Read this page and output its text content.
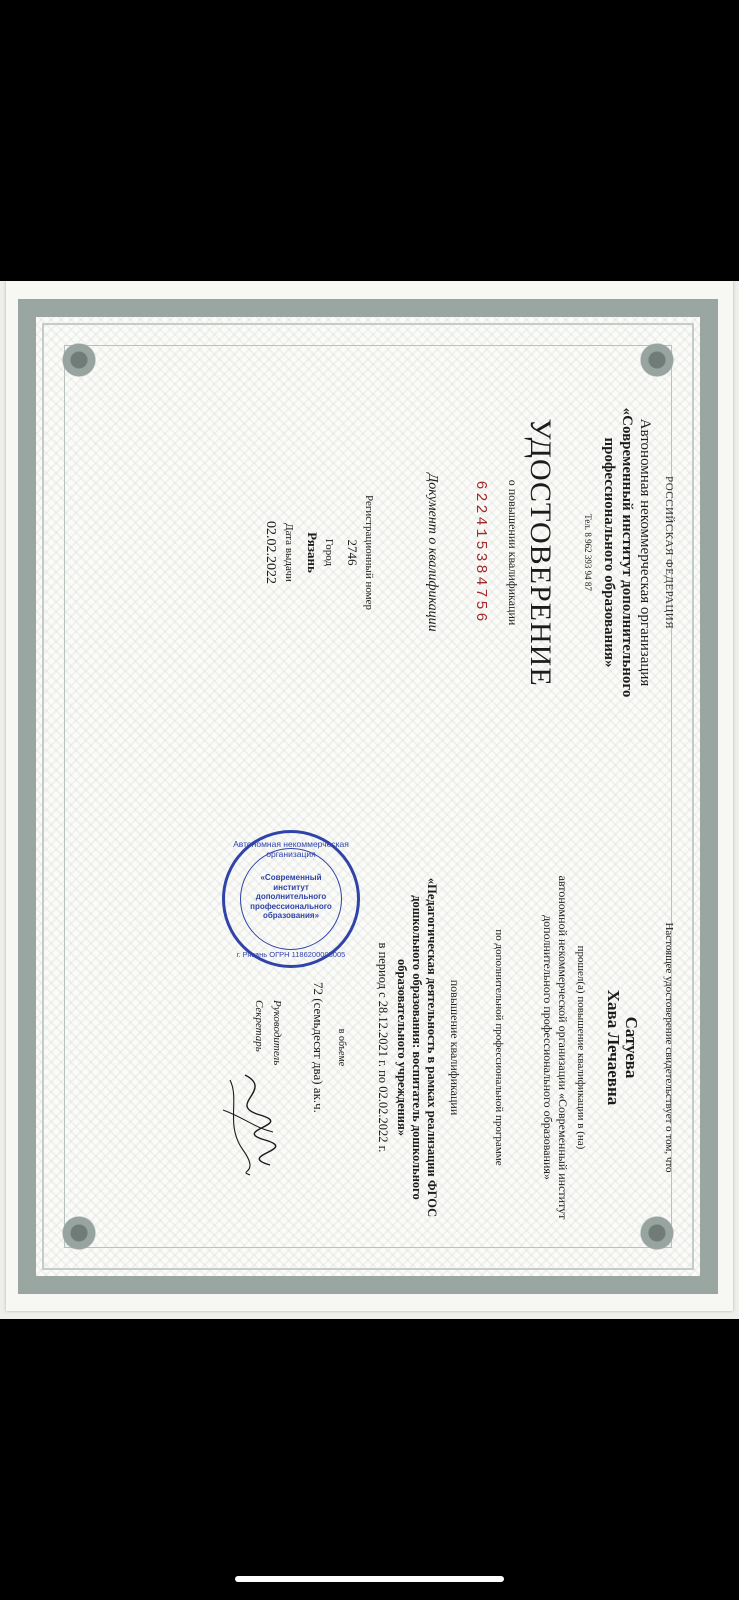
РОССИЙСКАЯ ФЕДЕРАЦИЯ
Автономная некоммерческая организация
«Современный институт дополнительного
профессионального образования»
Тел. 8 962 393 94 87
УДОСТОВЕРЕНИЕ
о повышении квалификации
622415384756
Документ о квалификации
Регистрационный номер
2746
Город
Рязань
Дата выдачи
02.02.2022
Настоящее удостоверение свидетельствует о том, что
Сатуева
Хава Лечаевна
прошел(а) повышение квалификации в (на)
автономной некоммерческой организации «Современный институт
дополнительного профессионального образования»
по дополнительной профессиональной программе
повышение квалификации
«Педагогическая деятельность в рамках реализации ФГОС
дошкольного образования: воспитатель дошкольного
образовательного учреждения»
в период с 28.12.2021 г. по 02.02.2022 г.
в объеме
72 (семьдесят два) ак.ч.
Руководитель
Секретарь
Автономная некоммерческая организация
«Современный
институт
дополнительного
профессионального
образования»
г. Рязань ОГРН 1186200005005
